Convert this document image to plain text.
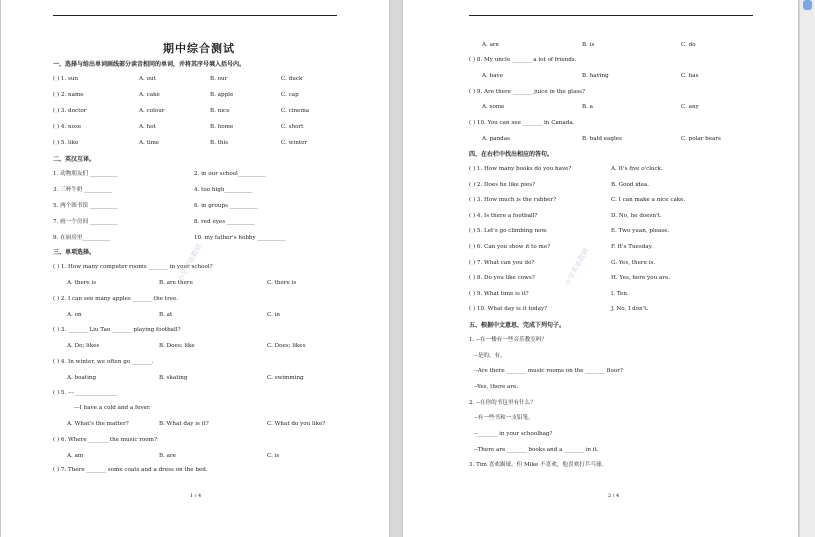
期中综合测试
一、选择与给出单词画线部分读音相同的单词，并将其序号填入括号内。
( ) 1. sun	A. out	B. our	C. duck
( ) 2. name	A. cake	B. apple	C. cap
( ) 3. doctor	A. colour	B. nice	C. cinema
( ) 4. nose	A. hot	B. home	C. short
( ) 5. like	A. time	B. this	C. winter
二、英汉互译。
1. 动物朋友们 __________	2. in our school__________
3. 三杯牛奶 __________	4. too high__________
5. 两个图书馆 __________	6. in groups __________
7. 画一个房间 __________	8. red eyes __________
9. 在厨房里__________	10. my father's hobby __________
三、单项选择。
( ) 1. How many computer rooms _______ in your school?
A. there is	B. are there	C. there is
( ) 2. I can see many apples _______ the tree.
A. on	B. at	C. in
( ) 3. _______ Liu Tao _______ playing football?
A. Do; likes	B. Does; like	C. Does; likes
( ) 4. In winter, we often go _______.
A. boating	B. skating	C. swimming
( ) 5. --- _______________
---I have a cold and a fever.
A. What's the matter?	B. What day is it?	C. What do you like?
( ) 6. Where _______ the music room?
A. am	B. are	C. is
( ) 7. There _______ some coats and a dress on the bed.
小学英语教研
1 / 4
A. are	B. is	C. do
( ) 8. My uncle _______ a lot of friends.
A. have	B. having	C. has
( ) 9. Are there _______ juice in the glass?
A. some	B. a	C. any
( ) 10. You can see _______ in Canada.
A. pandas	B. bald eagles	C. polar bears
四、在右栏中找出相应的答句。
( ) 1. How many books do you have?	A. It's five o'clock.
( ) 2. Does he like pies?	B. Good idea.
( ) 3. How much is the rubber?	C. I can make a nice cake.
( ) 4. Is there a football?	D. No, he doesn't.
( ) 5. Let's go climbing now.	E. Two yuan, please.
( ) 6. Can you show it to me?	F. It's Tuesday.
( ) 7. What can you do?	G. Yes, there is.
( ) 8. Do you like cows?	H. Yes, here you are.
( ) 9. What time is it?	I. Ten.
( ) 10. What day is it today?	J. No, I don't.
五、根据中文意思，完成下列句子。
1. --在一楼有一些音乐教室吗？
--是的，有。
--Are there _______ music rooms on the _______ floor?
--Yes, there are.
2. --在你的书包里有什么？
--有一些书和一支铅笔。
--_______ in your schoolbag?
--There are _______ books and a _______ in it.
3. Tim 喜欢踢球，但 Mike 不喜欢，他喜欢打乒乓球。
小学英语教研
2 / 4
